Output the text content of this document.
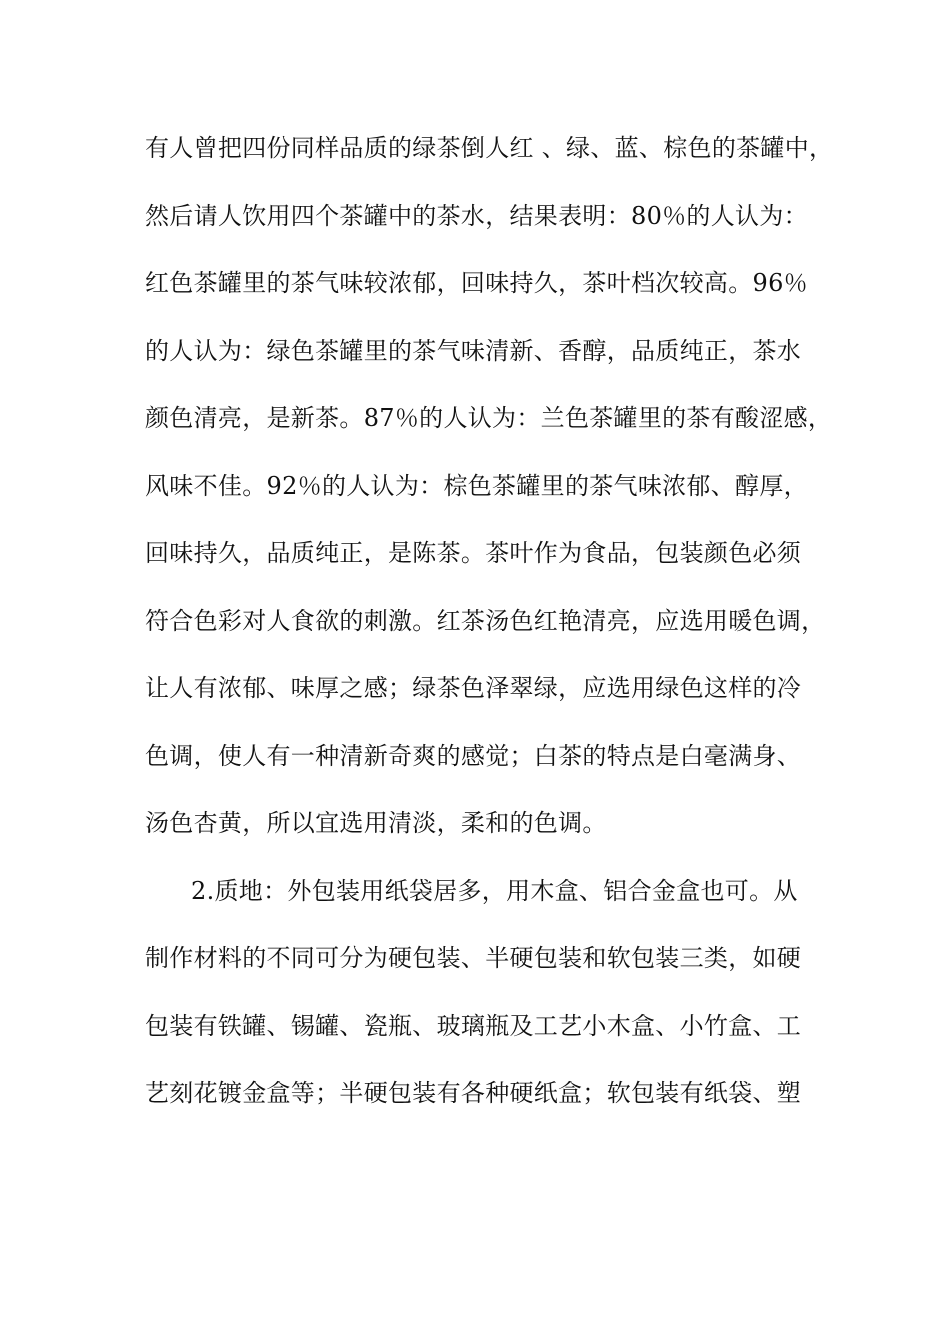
有人曾把四份同样品质的绿茶倒人红 、绿、蓝、棕色的茶罐中，
然后请人饮用四个茶罐中的茶水，结果表明：80％的人认为：
红色茶罐里的茶气味较浓郁，回味持久，茶叶档次较高。96％
的人认为：绿色茶罐里的茶气味清新、香醇，品质纯正，茶水
颜色清亮，是新茶。87％的人认为：兰色茶罐里的茶有酸涩感，
风味不佳。92％的人认为：棕色茶罐里的茶气味浓郁、醇厚，
回味持久，品质纯正，是陈茶。茶叶作为食品，包装颜色必须
符合色彩对人食欲的刺激。红茶汤色红艳清亮，应选用暖色调，
让人有浓郁、味厚之感；绿茶色泽翠绿，应选用绿色这样的冷
色调，使人有一种清新奇爽的感觉；白茶的特点是白毫满身、
汤色杏黄，所以宜选用清淡，柔和的色调。
2.质地：外包装用纸袋居多，用木盒、铝合金盒也可。从
制作材料的不同可分为硬包装、半硬包装和软包装三类，如硬
包装有铁罐、锡罐、瓷瓶、玻璃瓶及工艺小木盒、小竹盒、工
艺刻花镀金盒等；半硬包装有各种硬纸盒；软包装有纸袋、塑
